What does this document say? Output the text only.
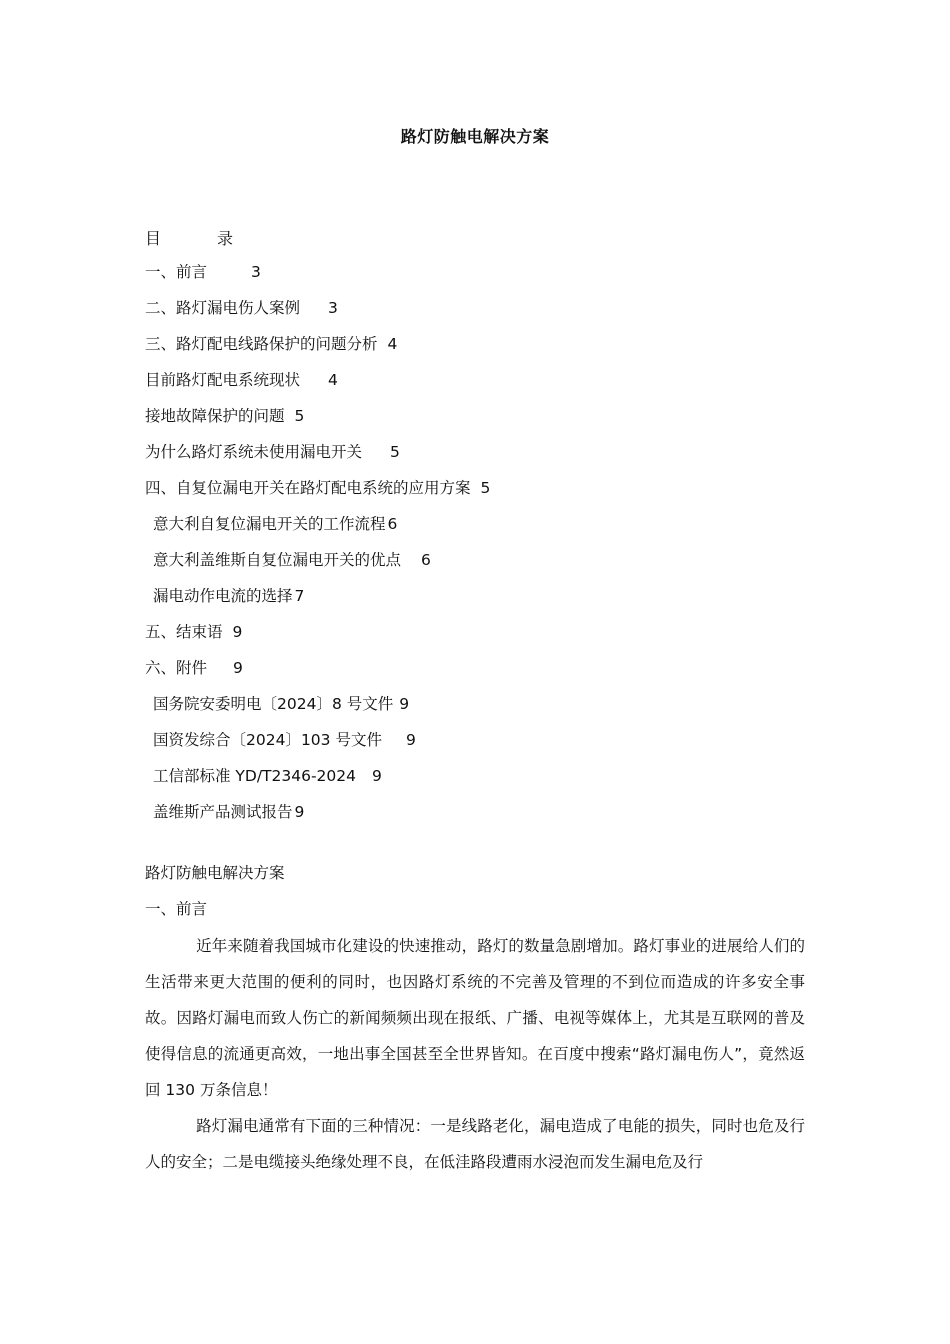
路灯防触电解决方案
目	录
一、前言	3
二、路灯漏电伤人案例 3
三、路灯配电线路保护的问题分析 4
目前路灯配电系统现状 4
接地故障保护的问题 5
为什么路灯系统未使用漏电开关 5
四、自复位漏电开关在路灯配电系统的应用方案 5
意大利自复位漏电开关的工作流程 6
意大利盖维斯自复位漏电开关的优点 6
漏电动作电流的选择 7
五、结束语 9
六、附件 9
国务院安委明电〔2024〕8 号文件 9
国资发综合〔2024〕103 号文件 9
工信部标准 YD/T2346-2024 9
盖维斯产品测试报告 9
路灯防触电解决方案
一、前言

近年来随着我国城市化建设的快速推动，路灯的数量急剧增加。路灯事业的进展给人们的生活带来更大范围的便利的同时，也因路灯系统的不完善及管理的不到位而造成的许多安全事故。因路灯漏电而致人伤亡的新闻频频出现在报纸、广播、电视等媒体上，尤其是互联网的普及使得信息的流通更高效，一地出事全国甚至全世界皆知。在百度中搜索“路灯漏电伤人”，竟然返回 130 万条信息！

路灯漏电通常有下面的三种情况：一是线路老化，漏电造成了电能的损失，同时也危及行人的安全；二是电缆接头绝缘处理不良，在低洼路段遭雨水浸泡而发生漏电危及行
